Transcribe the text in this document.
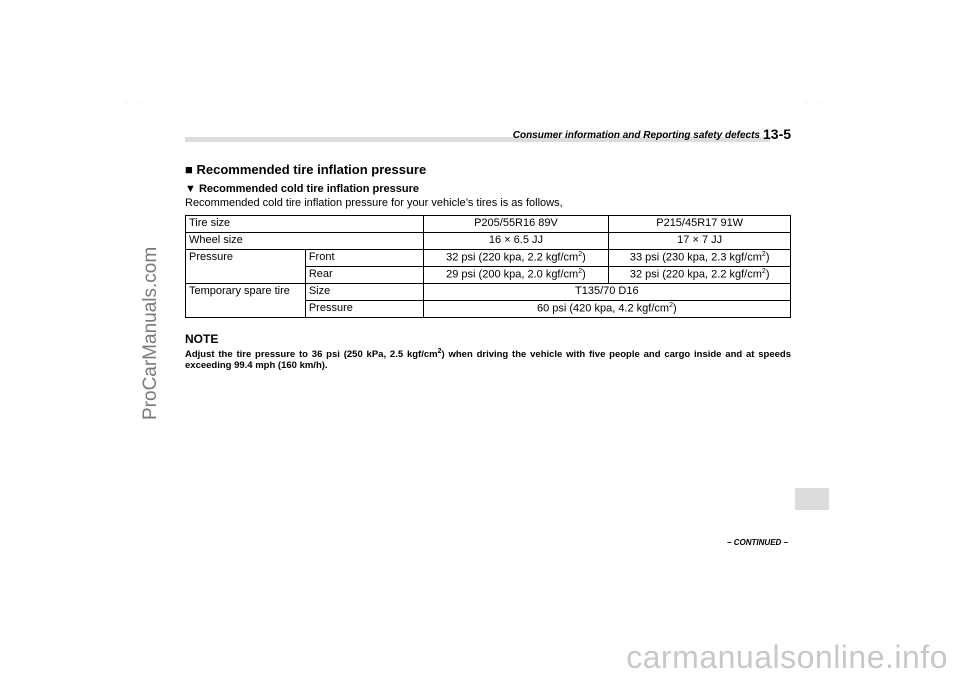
ProCarManuals.com
carmanualsonline.info
· ·	· ·
Consumer information and Reporting safety defects 13-5
■ Recommended tire inflation pressure
▼ Recommended cold tire inflation pressure
Recommended cold tire inflation pressure for your vehicle’s tires is as follows,
Tire size		P205/55R16 89V	P215/45R17 91W
Wheel size		16 × 6.5 JJ	17 × 7 JJ
Pressure	Front	32 psi (220 kpa, 2.2 kgf/$cm^2$)	33 psi (230 kpa, 2.3 kgf/$cm^2$)
	Rear	29 psi (200 kpa, 2.0 kgf/$cm^2$)	32 psi (220 kpa, 2.2 kgf/$cm^2$)
Temporary spare tire	Size	T135/70 D16	
	Pressure	60 psi (420 kpa, 4.2 kgf/$cm^2$)	
NOTE
Adjust the tire pressure to 36 psi (250 kPa, 2.5 kgf/$cm^2$) when driving the vehicle with five people and cargo inside and at speeds exceeding 99.4 mph (160 km/h).
– CONTINUED –
